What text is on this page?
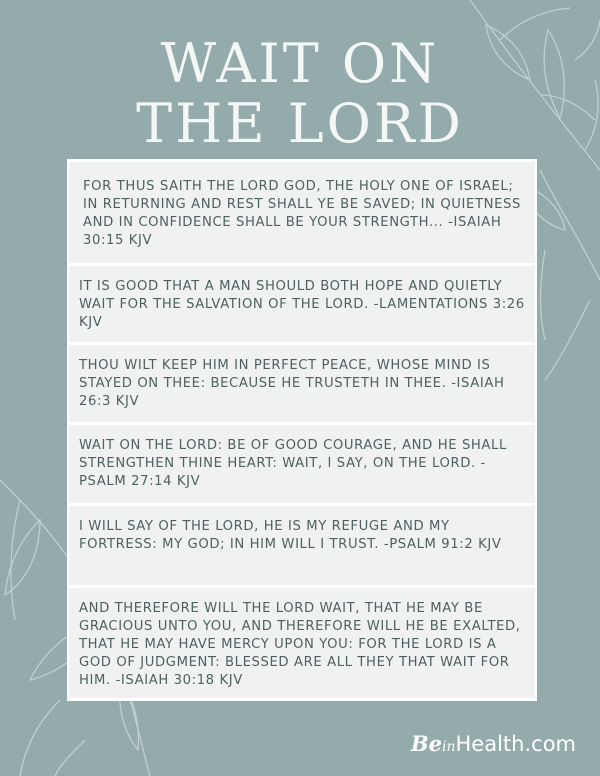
WAIT ON
THE LORD
FOR THUS SAITH THE LORD GOD, THE HOLY ONE OF ISRAEL; IN RETURNING AND REST SHALL YE BE SAVED; IN QUIETNESS AND IN CONFIDENCE SHALL BE YOUR STRENGTH... -ISAIAH 30:15 KJV
IT IS GOOD THAT A MAN SHOULD BOTH HOPE AND QUIETLY WAIT FOR THE SALVATION OF THE LORD. -LAMENTATIONS 3:26 KJV
THOU WILT KEEP HIM IN PERFECT PEACE, WHOSE MIND IS STAYED ON THEE: BECAUSE HE TRUSTETH IN THEE. -ISAIAH 26:3 KJV
WAIT ON THE LORD: BE OF GOOD COURAGE, AND HE SHALL STRENGTHEN THINE HEART: WAIT, I SAY, ON THE LORD. -PSALM 27:14 KJV
I WILL SAY OF THE LORD, HE IS MY REFUGE AND MY FORTRESS: MY GOD; IN HIM WILL I TRUST. -PSALM 91:2 KJV
AND THEREFORE WILL THE LORD WAIT, THAT HE MAY BE GRACIOUS UNTO YOU, AND THEREFORE WILL HE BE EXALTED, THAT HE MAY HAVE MERCY UPON YOU: FOR THE LORD IS A GOD OF JUDGMENT: BLESSED ARE ALL THEY THAT WAIT FOR HIM. -ISAIAH 30:18 KJV
BeinHealth.com
